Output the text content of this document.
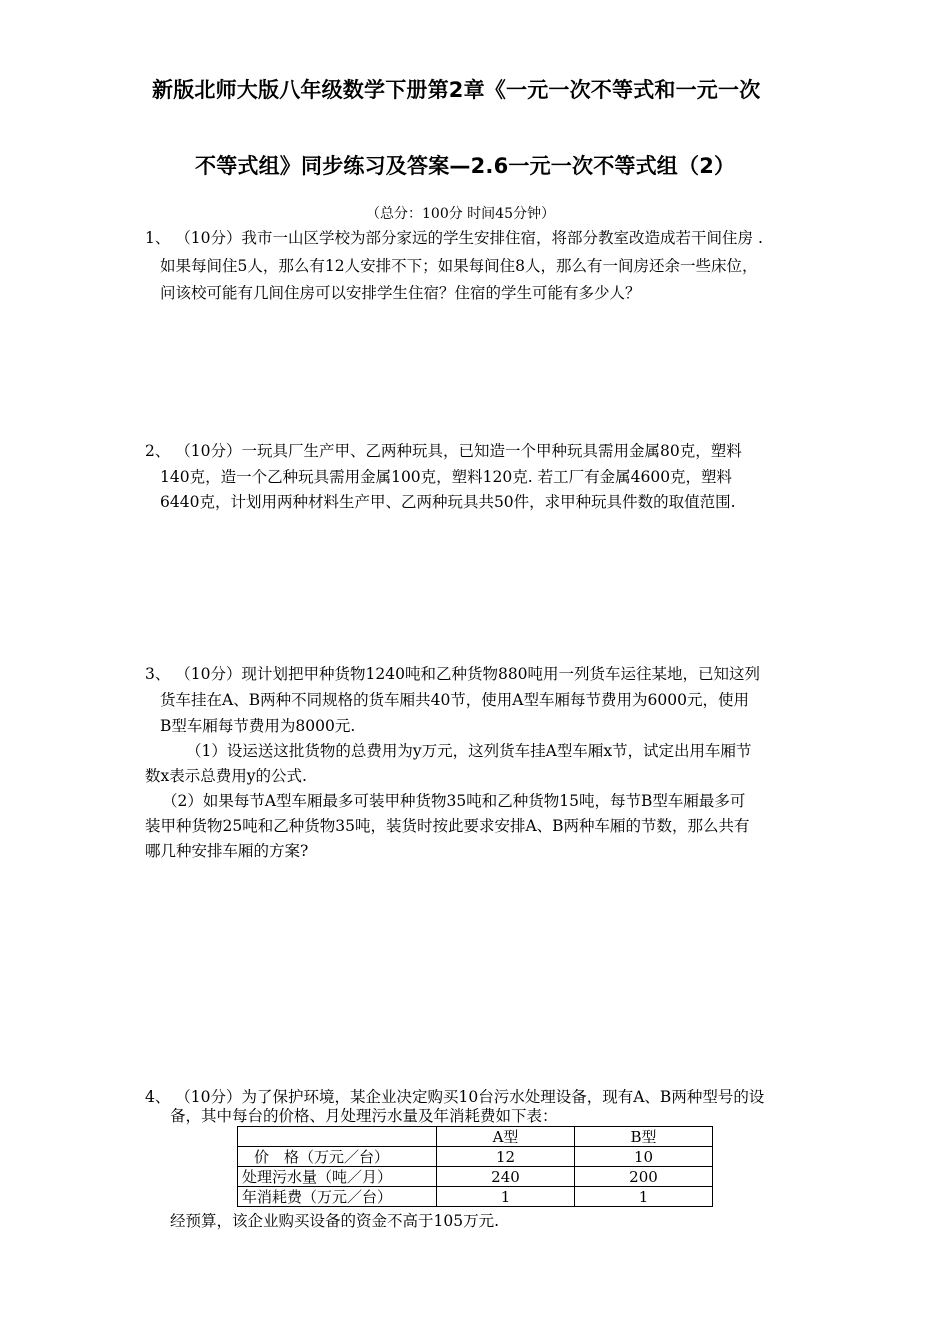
新版北师大版八年级数学下册第2章《一元一次不等式和一元一次
不等式组》同步练习及答案—2.6一元一次不等式组（2）
（总分：100分 时间45分钟）
1、 （10分）我市一山区学校为部分家远的学生安排住宿，将部分教室改造成若干间住房 .
如果每间住5人，那么有12人安排不下；如果每间住8人，那么有一间房还余一些床位，
问该校可能有几间住房可以安排学生住宿？住宿的学生可能有多少人？
2、 （10分）一玩具厂生产甲、乙两种玩具，已知造一个甲种玩具需用金属80克，塑料
140克，造一个乙种玩具需用金属100克，塑料120克. 若工厂有金属4600克，塑料
6440克，计划用两种材料生产甲、乙两种玩具共50件，求甲种玩具件数的取值范围.
3、 （10分）现计划把甲种货物1240吨和乙种货物880吨用一列货车运往某地，已知这列
货车挂在A、B两种不同规格的货车厢共40节，使用A型车厢每节费用为6000元，使用
B型车厢每节费用为8000元.
（1）设运送这批货物的总费用为y万元，这列货车挂A型车厢x节，试定出用车厢节
数x表示总费用y的公式.
（2）如果每节A型车厢最多可装甲种货物35吨和乙种货物15吨，每节B型车厢最多可
装甲种货物25吨和乙种货物35吨，装货时按此要求安排A、B两种车厢的节数，那么共有
哪几种安排车厢的方案?
4、 （10分）为了保护环境，某企业决定购买10台污水处理设备，现有A、B两种型号的设
备，其中每台的价格、月处理污水量及年消耗费如下表：
	A型	B型
价　格（万元／台）	12	10
处理污水量（吨／月）	240	200
年消耗费（万元／台）	1	1
经预算，该企业购买设备的资金不高于105万元.
